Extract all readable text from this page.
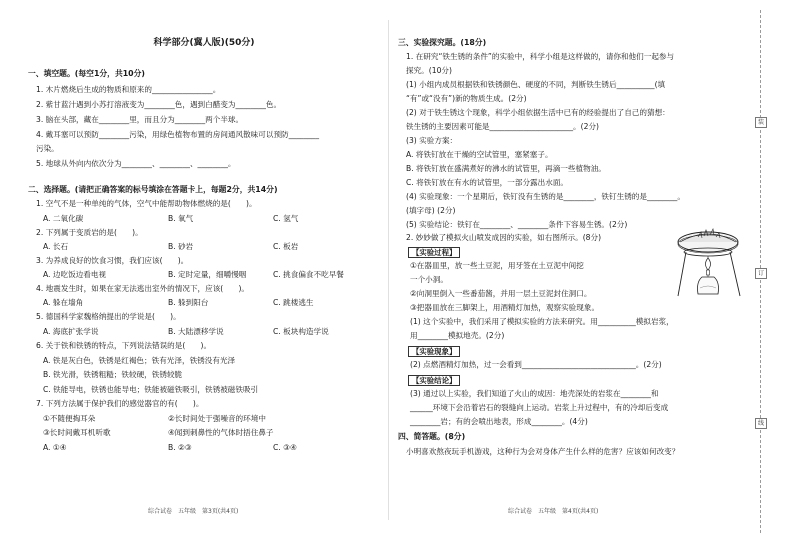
装
订
线
科学部分(冀人版)(50分)
一、填空题。(每空1分，共10分)
1. 木片燃烧后生成的物质和原来的________________。
2. 紫甘蓝汁遇到小苏打溶液变为________色，遇到白醋变为________色。
3. 脑在头部，藏在________里，而且分为________两个半球。
4. 戴耳塞可以预防________污染，用绿色植物布置的房间通风散味可以预防________
污染。
5. 地球从外向内依次分为________、________、________。
二、选择题。(请把正确答案的标号填涂在答题卡上，每题2分，共14分)
1. 空气不是一种单纯的气体，空气中能帮助物体燃烧的是(　　)。
A. 二氧化碳	B. 氧气	C. 氢气
2. 下列属于变质岩的是(　　)。
A. 长石	B. 砂岩	C. 板岩
3. 为养成良好的饮食习惯，我们应该(　　)。
A. 边吃饭边看电视	B. 定时定量，细嚼慢咽	C. 挑食偏食不吃早餐
4. 地震发生时，如果在家无法逃出室外的情况下，应该(　　)。
A. 躲在墙角	B. 躲到阳台	C. 跳楼逃生
5. 德国科学家魏格纳提出的学说是(　　)。
A. 海底扩张学说	B. 大陆漂移学说	C. 板块构造学说
6. 关于铁和铁锈的特点，下列说法错误的是(　　)。
A. 铁是灰白色，铁锈是红褐色；铁有光泽，铁锈没有光泽
B. 铁光滑，铁锈粗糙；铁较硬，铁锈较脆
C. 铁能导电，铁锈也能导电；铁能被磁铁吸引，铁锈被磁铁吸引
7. 下列方法属于保护我们的感觉器官的有(　　)。
①不随便掏耳朵	②长时间处于强噪音的环境中
③长时间戴耳机听歌	④闻到刺鼻性的气体时捂住鼻子
A. ①④	B. ②③	C. ③④
综合试卷　五年级　第3页(共4页)
三、实验探究题。(18分)
1. 在研究“铁生锈的条件”的实验中，科学小组是这样做的，请你和他们一起参与
探究。(10分)
(1) 小组内成员根据铁和铁锈颜色、硬度的不同，判断铁生锈后__________(填
“有”或“没有”)新的物质生成。(2分)
(2) 对于铁生锈这个现象，科学小组依据生活中已有的经验提出了自己的猜想：
铁生锈的主要因素可能是______________________。(2分)
(3) 实验方案：
A. 将铁钉放在干燥的空试管里，塞紧塞子。
B. 将铁钉放在盛满煮好的沸水的试管里，再滴一些植物油。
C. 将铁钉放在有水的试管里，一部分露出水面。
(4) 实验现象：一个星期后，铁钉没有生锈的是________，铁钉生锈的是________。
(填字母) (2分)
(5) 实验结论：铁钉在________、________条件下容易生锈。(2分)
2. 妙妙做了模拟火山喷发成因的实验，如右图所示。(8分)
【实验过程】
①在器皿里，放一些土豆泥，用牙签在土豆泥中间挖
一个小洞。
②向洞里倒入一些番茄酱，并用一层土豆泥封住洞口。
③把器皿放在三脚架上，用酒精灯加热，观察实验现象。
(1) 这个实验中，我们采用了模拟实验的方法来研究。用__________模拟岩浆，
用________模拟地壳。(2分)
【实验现象】
(2) 点燃酒精灯加热，过一会看到______________________________。(2分)
【实验结论】
(3) 通过以上实验，我们知道了火山的成因：地壳深处的岩浆在________和
______环境下会沿着岩石的裂缝向上运动。岩浆上升过程中，有的冷却后变成
________岩；有的会喷出地表，形成________。(4分)
四、简答题。(8分)
小明喜欢熬夜玩手机游戏，这种行为会对身体产生什么样的危害？应该如何改变？
综合试卷　五年级　第4页(共4页)
